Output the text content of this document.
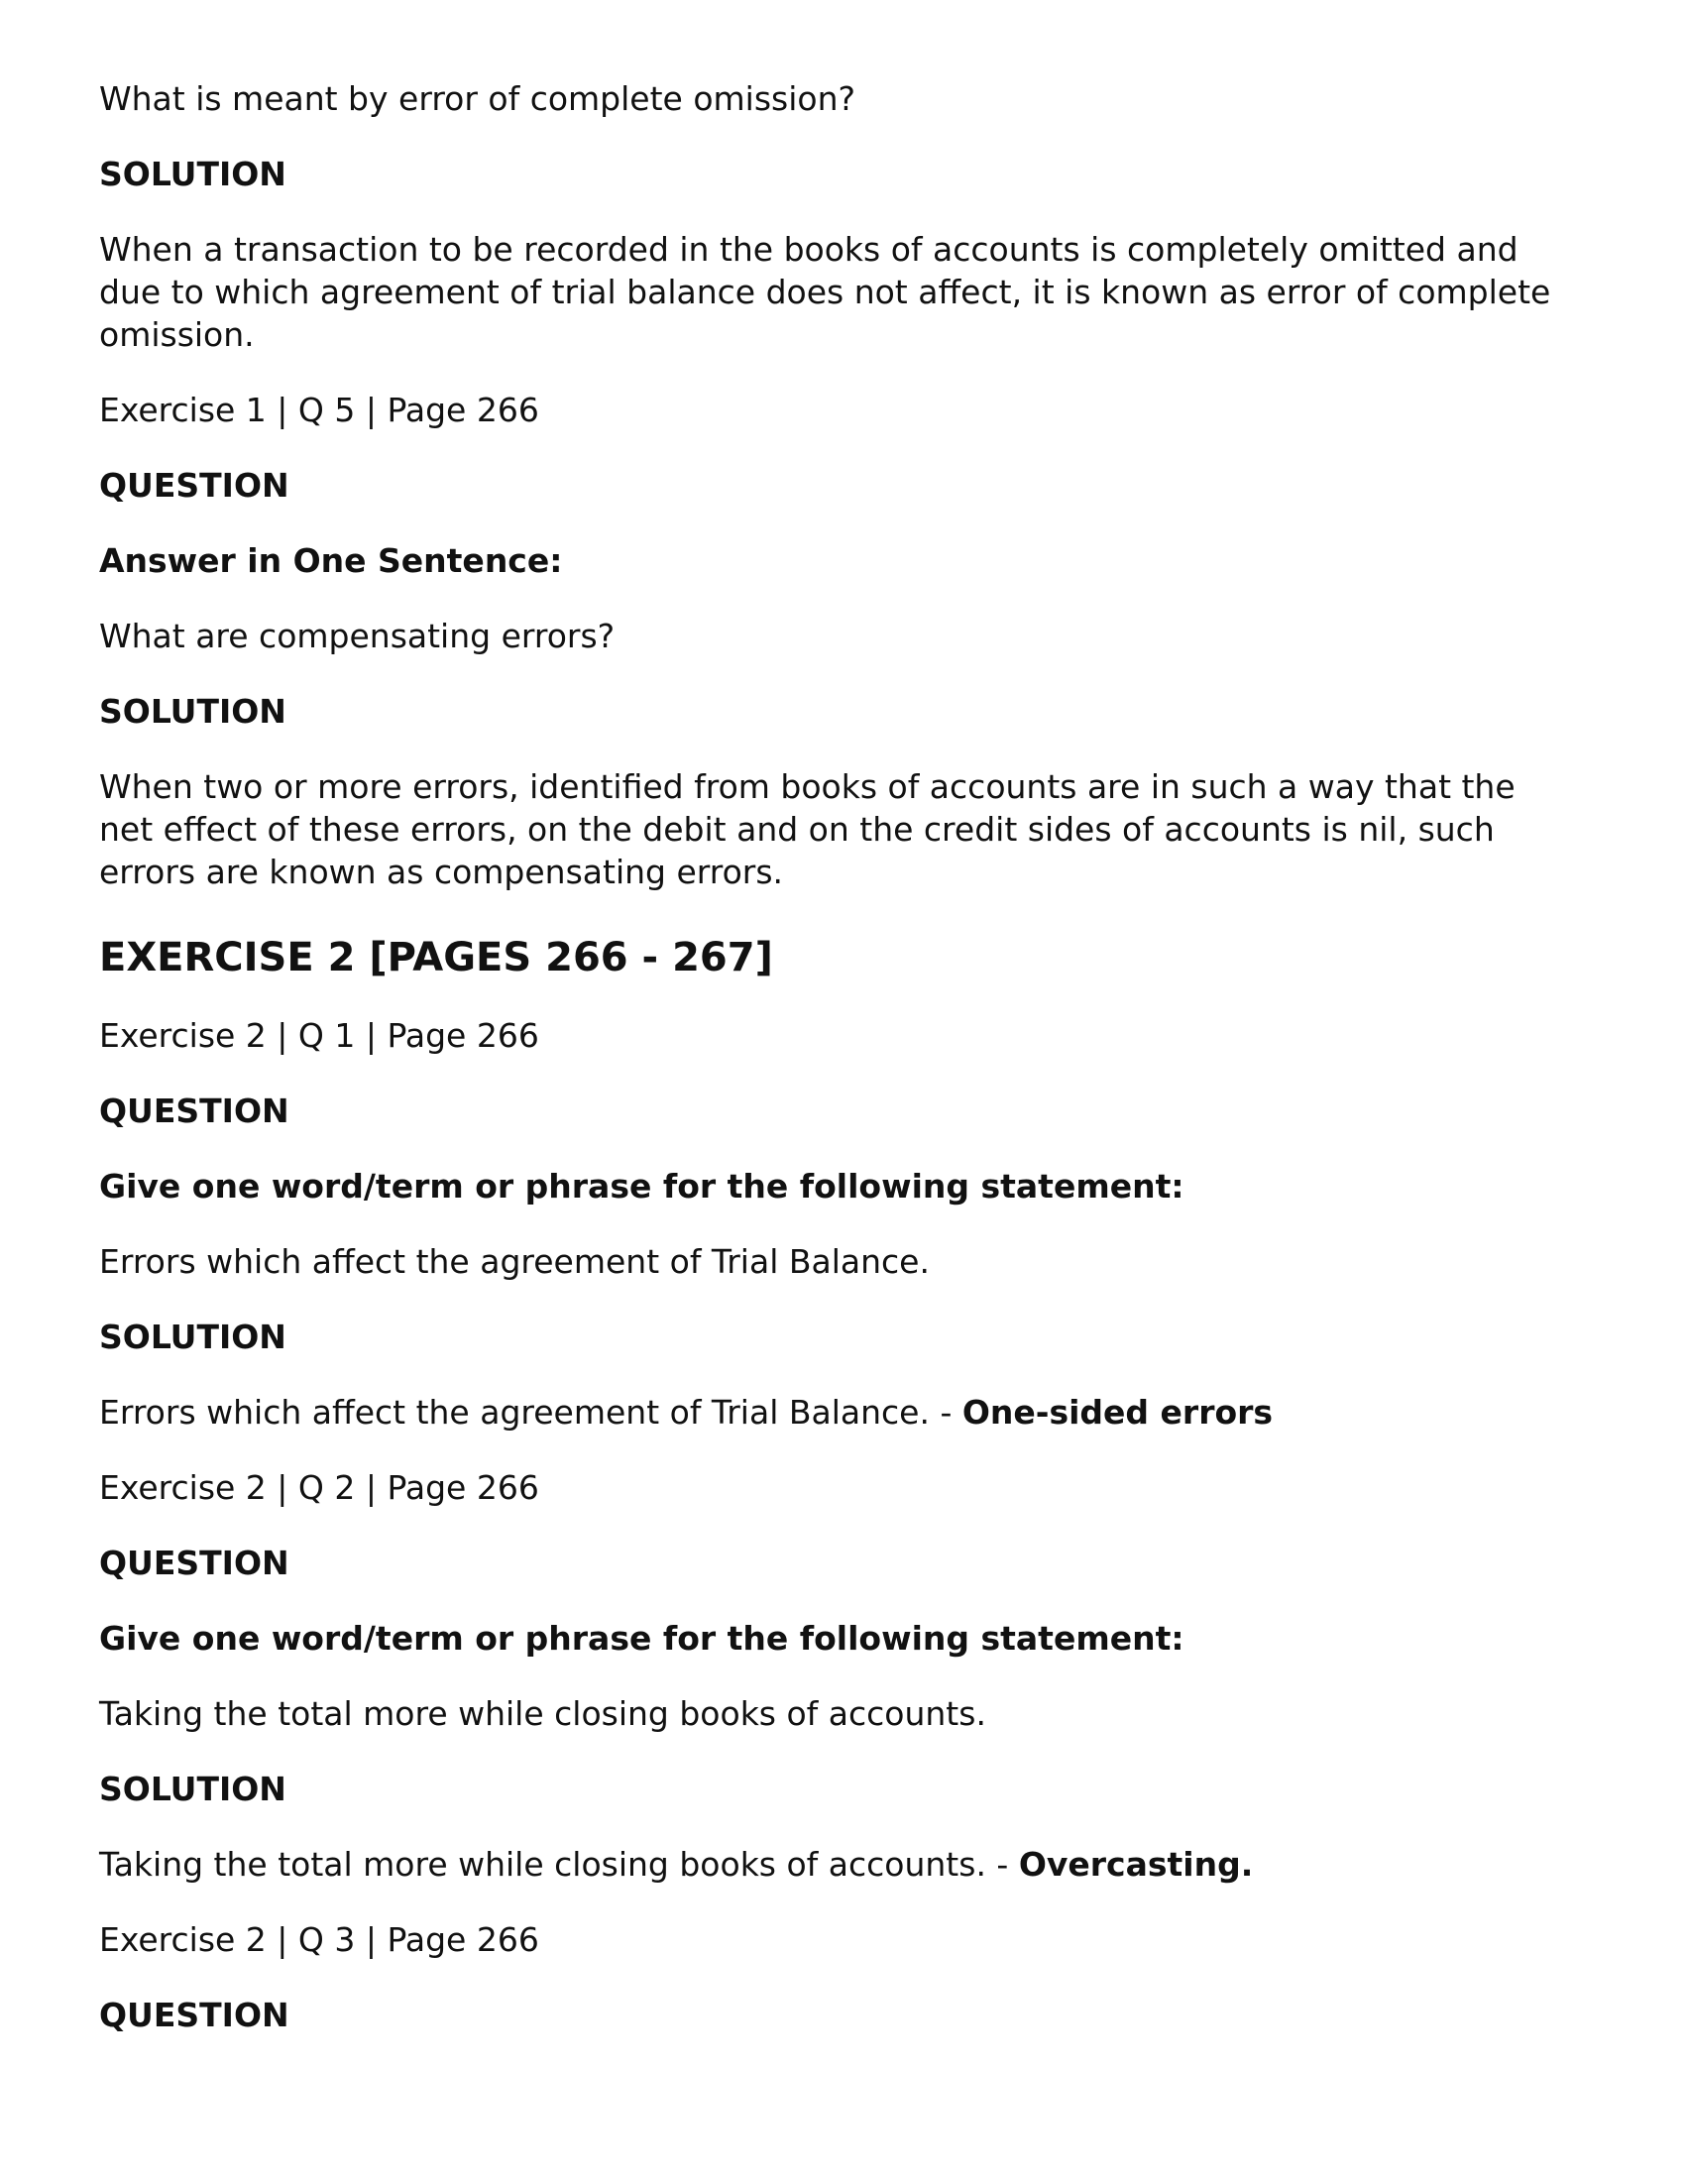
What is meant by error of complete omission?

SOLUTION

When a transaction to be recorded in the books of accounts is completely omitted and

due to which agreement of trial balance does not affect, it is known as error of complete

omission.

Exercise 1 | Q 5 | Page 266

QUESTION

Answer in One Sentence:

What are compensating errors?

SOLUTION

When two or more errors, identified from books of accounts are in such a way that the

net effect of these errors, on the debit and on the credit sides of accounts is nil, such

errors are known as compensating errors.

EXERCISE 2 [PAGES 266 - 267]

Exercise 2 | Q 1 | Page 266

QUESTION

Give one word/term or phrase for the following statement:

Errors which affect the agreement of Trial Balance.

SOLUTION

Errors which affect the agreement of Trial Balance. - One-sided errors

Exercise 2 | Q 2 | Page 266

QUESTION

Give one word/term or phrase for the following statement:

Taking the total more while closing books of accounts.

SOLUTION

Taking the total more while closing books of accounts. - Overcasting.

Exercise 2 | Q 3 | Page 266

QUESTION
